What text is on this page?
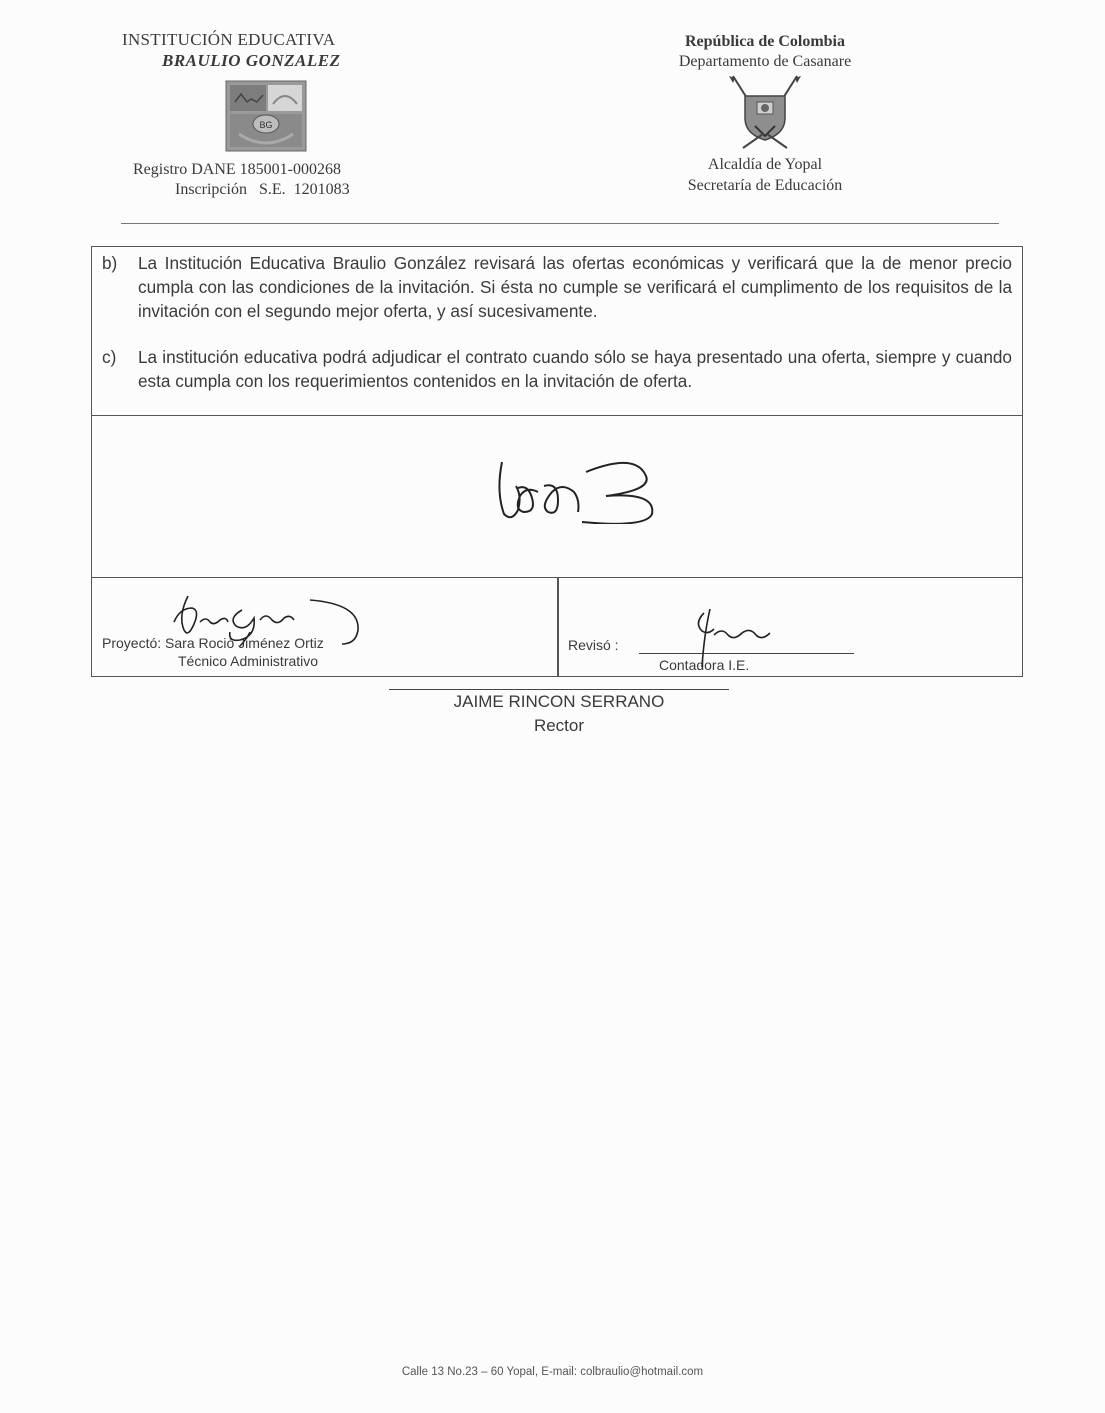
INSTITUCIÓN EDUCATIVA
BRAULIO GONZALEZ
BG
Registro DANE 185001-000268
Inscripción   S.E.  1201083
República de Colombia
Departamento de Casanare
Alcaldía de Yopal
Secretaría de Educación
b) La Institución Educativa Braulio González revisará las ofertas económicas y verificará que la de menor precio cumpla con las condiciones de la invitación. Si ésta no cumple se verificará el cumplimento de los requisitos de la invitación con el segundo mejor oferta, y así sucesivamente.
c) La institución educativa podrá adjudicar el contrato cuando sólo se haya presentado una oferta, siempre y cuando esta cumpla con los requerimientos contenidos en la invitación de oferta.
JAIME RINCON SERRANO
Rector
Proyectó: Sara Roció Jiménez Ortiz
Técnico Administrativo
Revisó :
Contadora I.E.
Calle 13 No.23 – 60 Yopal, E-mail: colbraulio@hotmail.com
